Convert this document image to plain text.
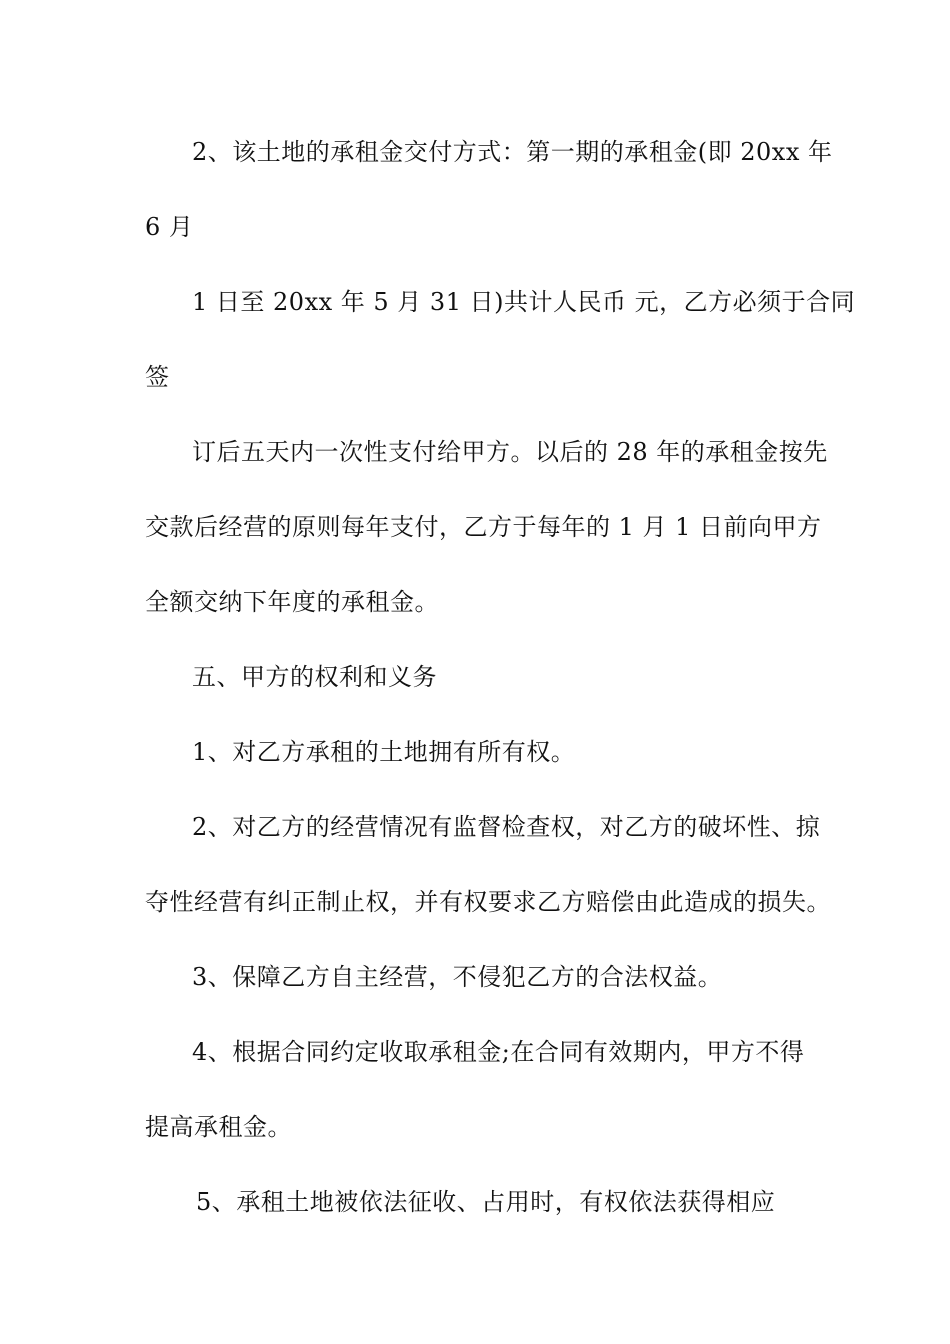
2、该土地的承租金交付方式：第一期的承租金(即 20xx 年
6 月
1 日至 20xx 年 5 月 31 日)共计人民币 元，乙方必须于合同
签
订后五天内一次性支付给甲方。以后的 28 年的承租金按先
交款后经营的原则每年支付，乙方于每年的 1 月 1 日前向甲方
全额交纳下年度的承租金。
五、甲方的权利和义务
1、对乙方承租的土地拥有所有权。
2、对乙方的经营情况有监督检查权，对乙方的破坏性、掠
夺性经营有纠正制止权，并有权要求乙方赔偿由此造成的损失。
3、保障乙方自主经营，不侵犯乙方的合法权益。
4、根据合同约定收取承租金;在合同有效期内，甲方不得
提高承租金。
5、承租土地被依法征收、占用时，有权依法获得相应
